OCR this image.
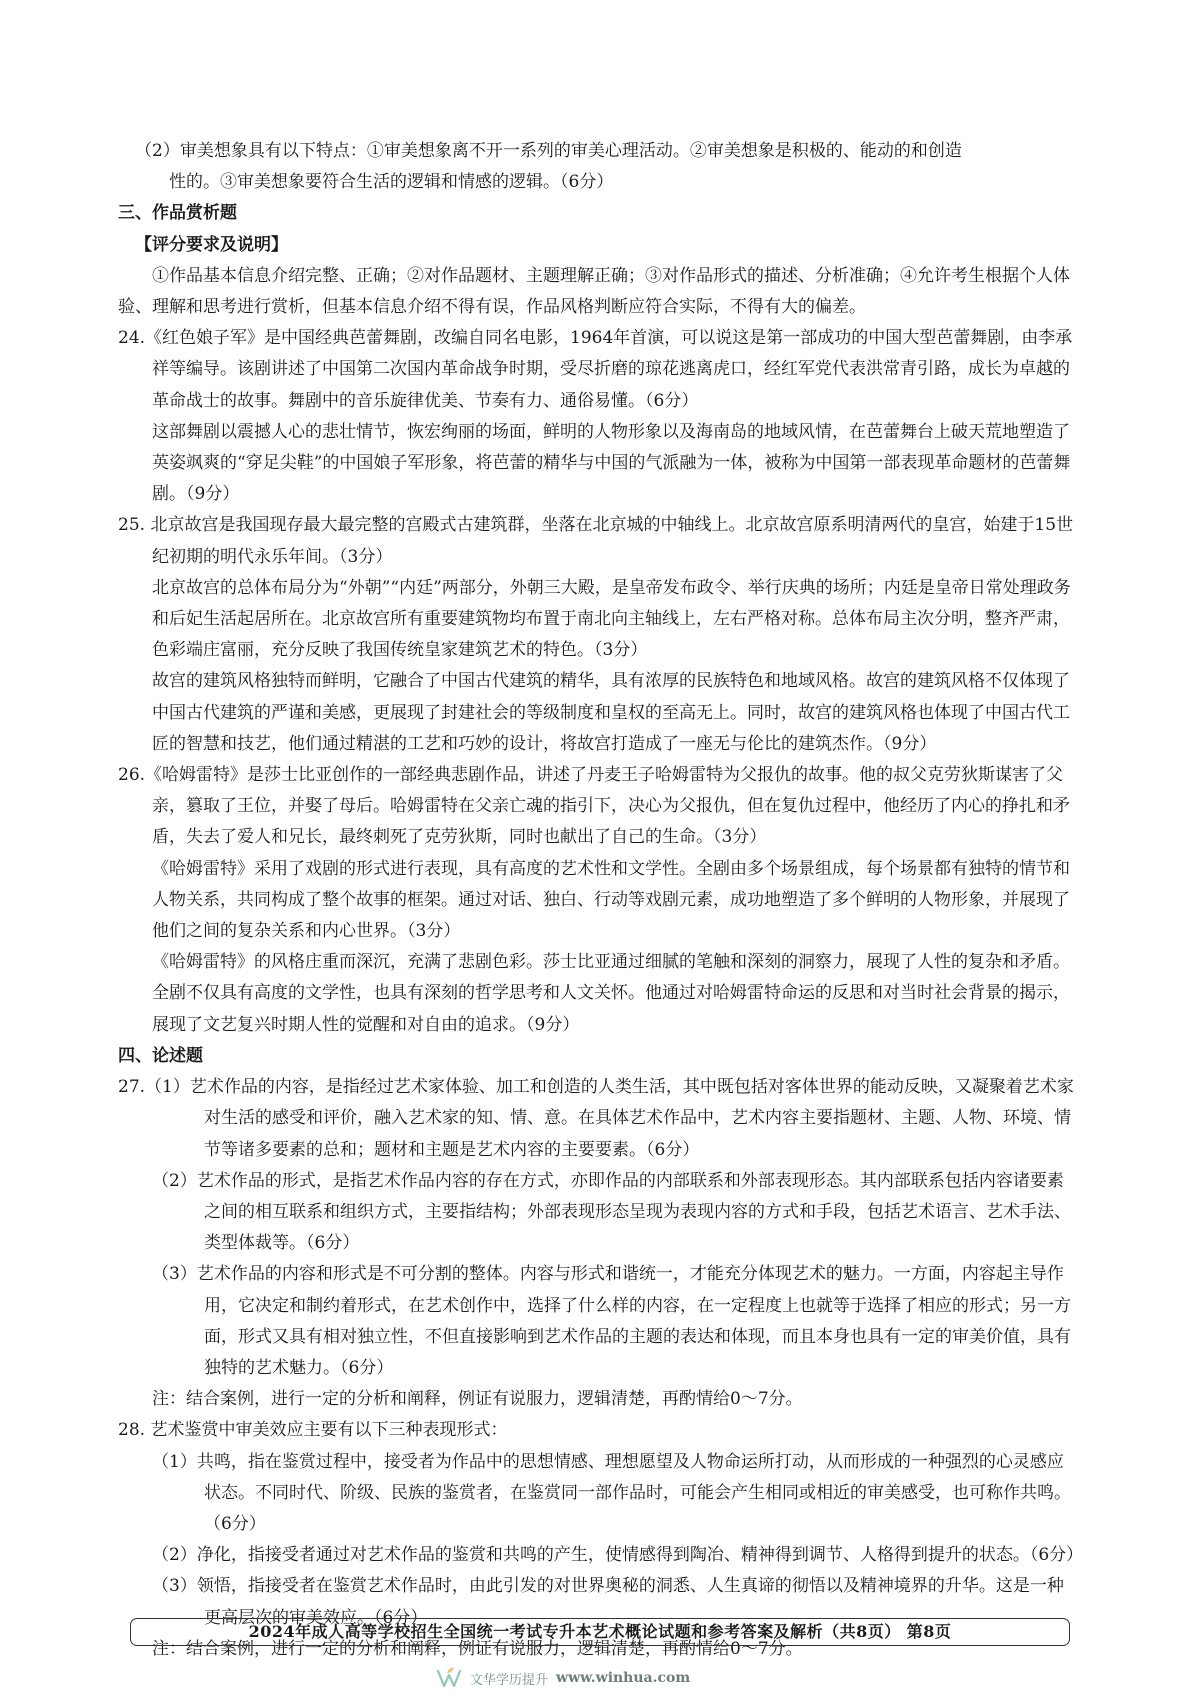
（2）审美想象具有以下特点：①审美想象离不开一系列的审美心理活动。②审美想象是积极的、能动的和创造

性的。③审美想象要符合生活的逻辑和情感的逻辑。（6分）

三、作品赏析题

【评分要求及说明】

①作品基本信息介绍完整、正确；②对作品题材、主题理解正确；③对作品形式的描述、分析准确；④允许考生根据个人体验、理解和思考进行赏析，但基本信息介绍不得有误，作品风格判断应符合实际，不得有大的偏差。

24.《红色娘子军》是中国经典芭蕾舞剧，改编自同名电影，1964年首演，可以说这是第一部成功的中国大型芭蕾舞剧，由李承祥等编导。该剧讲述了中国第二次国内革命战争时期，受尽折磨的琼花逃离虎口，经红军党代表洪常青引路，成长为卓越的革命战士的故事。舞剧中的音乐旋律优美、节奏有力、通俗易懂。（6分）

这部舞剧以震撼人心的悲壮情节，恢宏绚丽的场面，鲜明的人物形象以及海南岛的地域风情，在芭蕾舞台上破天荒地塑造了英姿飒爽的“穿足尖鞋”的中国娘子军形象，将芭蕾的精华与中国的气派融为一体，被称为中国第一部表现革命题材的芭蕾舞剧。（9分）

25. 北京故宫是我国现存最大最完整的宫殿式古建筑群，坐落在北京城的中轴线上。北京故宫原系明清两代的皇宫，始建于15世纪初期的明代永乐年间。（3分）

北京故宫的总体布局分为“外朝”“内廷”两部分，外朝三大殿，是皇帝发布政令、举行庆典的场所；内廷是皇帝日常处理政务和后妃生活起居所在。北京故宫所有重要建筑物均布置于南北向主轴线上，左右严格对称。总体布局主次分明，整齐严肃，色彩端庄富丽，充分反映了我国传统皇家建筑艺术的特色。（3分）

故宫的建筑风格独特而鲜明，它融合了中国古代建筑的精华，具有浓厚的民族特色和地域风格。故宫的建筑风格不仅体现了中国古代建筑的严谨和美感，更展现了封建社会的等级制度和皇权的至高无上。同时，故宫的建筑风格也体现了中国古代工匠的智慧和技艺，他们通过精湛的工艺和巧妙的设计，将故宫打造成了一座无与伦比的建筑杰作。（9分）

26.《哈姆雷特》是莎士比亚创作的一部经典悲剧作品，讲述了丹麦王子哈姆雷特为父报仇的故事。他的叔父克劳狄斯谋害了父亲，篡取了王位，并娶了母后。哈姆雷特在父亲亡魂的指引下，决心为父报仇，但在复仇过程中，他经历了内心的挣扎和矛盾，失去了爱人和兄长，最终刺死了克劳狄斯，同时也献出了自己的生命。（3分）

《哈姆雷特》采用了戏剧的形式进行表现，具有高度的艺术性和文学性。全剧由多个场景组成，每个场景都有独特的情节和人物关系，共同构成了整个故事的框架。通过对话、独白、行动等戏剧元素，成功地塑造了多个鲜明的人物形象，并展现了他们之间的复杂关系和内心世界。（3分）

《哈姆雷特》的风格庄重而深沉，充满了悲剧色彩。莎士比亚通过细腻的笔触和深刻的洞察力，展现了人性的复杂和矛盾。全剧不仅具有高度的文学性，也具有深刻的哲学思考和人文关怀。他通过对哈姆雷特命运的反思和对当时社会背景的揭示，展现了文艺复兴时期人性的觉醒和对自由的追求。（9分）

四、论述题

27.（1）艺术作品的内容，是指经过艺术家体验、加工和创造的人类生活，其中既包括对客体世界的能动反映，又凝聚着艺术家对生活的感受和评价，融入艺术家的知、情、意。在具体艺术作品中，艺术内容主要指题材、主题、人物、环境、情节等诸多要素的总和；题材和主题是艺术内容的主要要素。（6分）

（2）艺术作品的形式，是指艺术作品内容的存在方式，亦即作品的内部联系和外部表现形态。其内部联系包括内容诸要素之间的相互联系和组织方式，主要指结构；外部表现形态呈现为表现内容的方式和手段，包括艺术语言、艺术手法、类型体裁等。（6分）

（3）艺术作品的内容和形式是不可分割的整体。内容与形式和谐统一，才能充分体现艺术的魅力。一方面，内容起主导作用，它决定和制约着形式，在艺术创作中，选择了什么样的内容，在一定程度上也就等于选择了相应的形式；另一方面，形式又具有相对独立性，不但直接影响到艺术作品的主题的表达和体现，而且本身也具有一定的审美价值，具有独特的艺术魅力。（6分）

注：结合案例，进行一定的分析和阐释，例证有说服力，逻辑清楚，再酌情给0～7分。

28. 艺术鉴赏中审美效应主要有以下三种表现形式：

（1）共鸣，指在鉴赏过程中，接受者为作品中的思想情感、理想愿望及人物命运所打动，从而形成的一种强烈的心灵感应状态。不同时代、阶级、民族的鉴赏者，在鉴赏同一部作品时，可能会产生相同或相近的审美感受，也可称作共鸣。（6分）

（2）净化，指接受者通过对艺术作品的鉴赏和共鸣的产生，使情感得到陶冶、精神得到调节、人格得到提升的状态。（6分）

（3）领悟，指接受者在鉴赏艺术作品时，由此引发的对世界奥秘的洞悉、人生真谛的彻悟以及精神境界的升华。这是一种更高层次的审美效应。（6分）

注：结合案例，进行一定的分析和阐释，例证有说服力，逻辑清楚，再酌情给0～7分。

2024年成人高等学校招生全国统一考试专升本艺术概论试题和参考答案及解析（共8页） 第8页
文华学历提升 www.winhua.com
